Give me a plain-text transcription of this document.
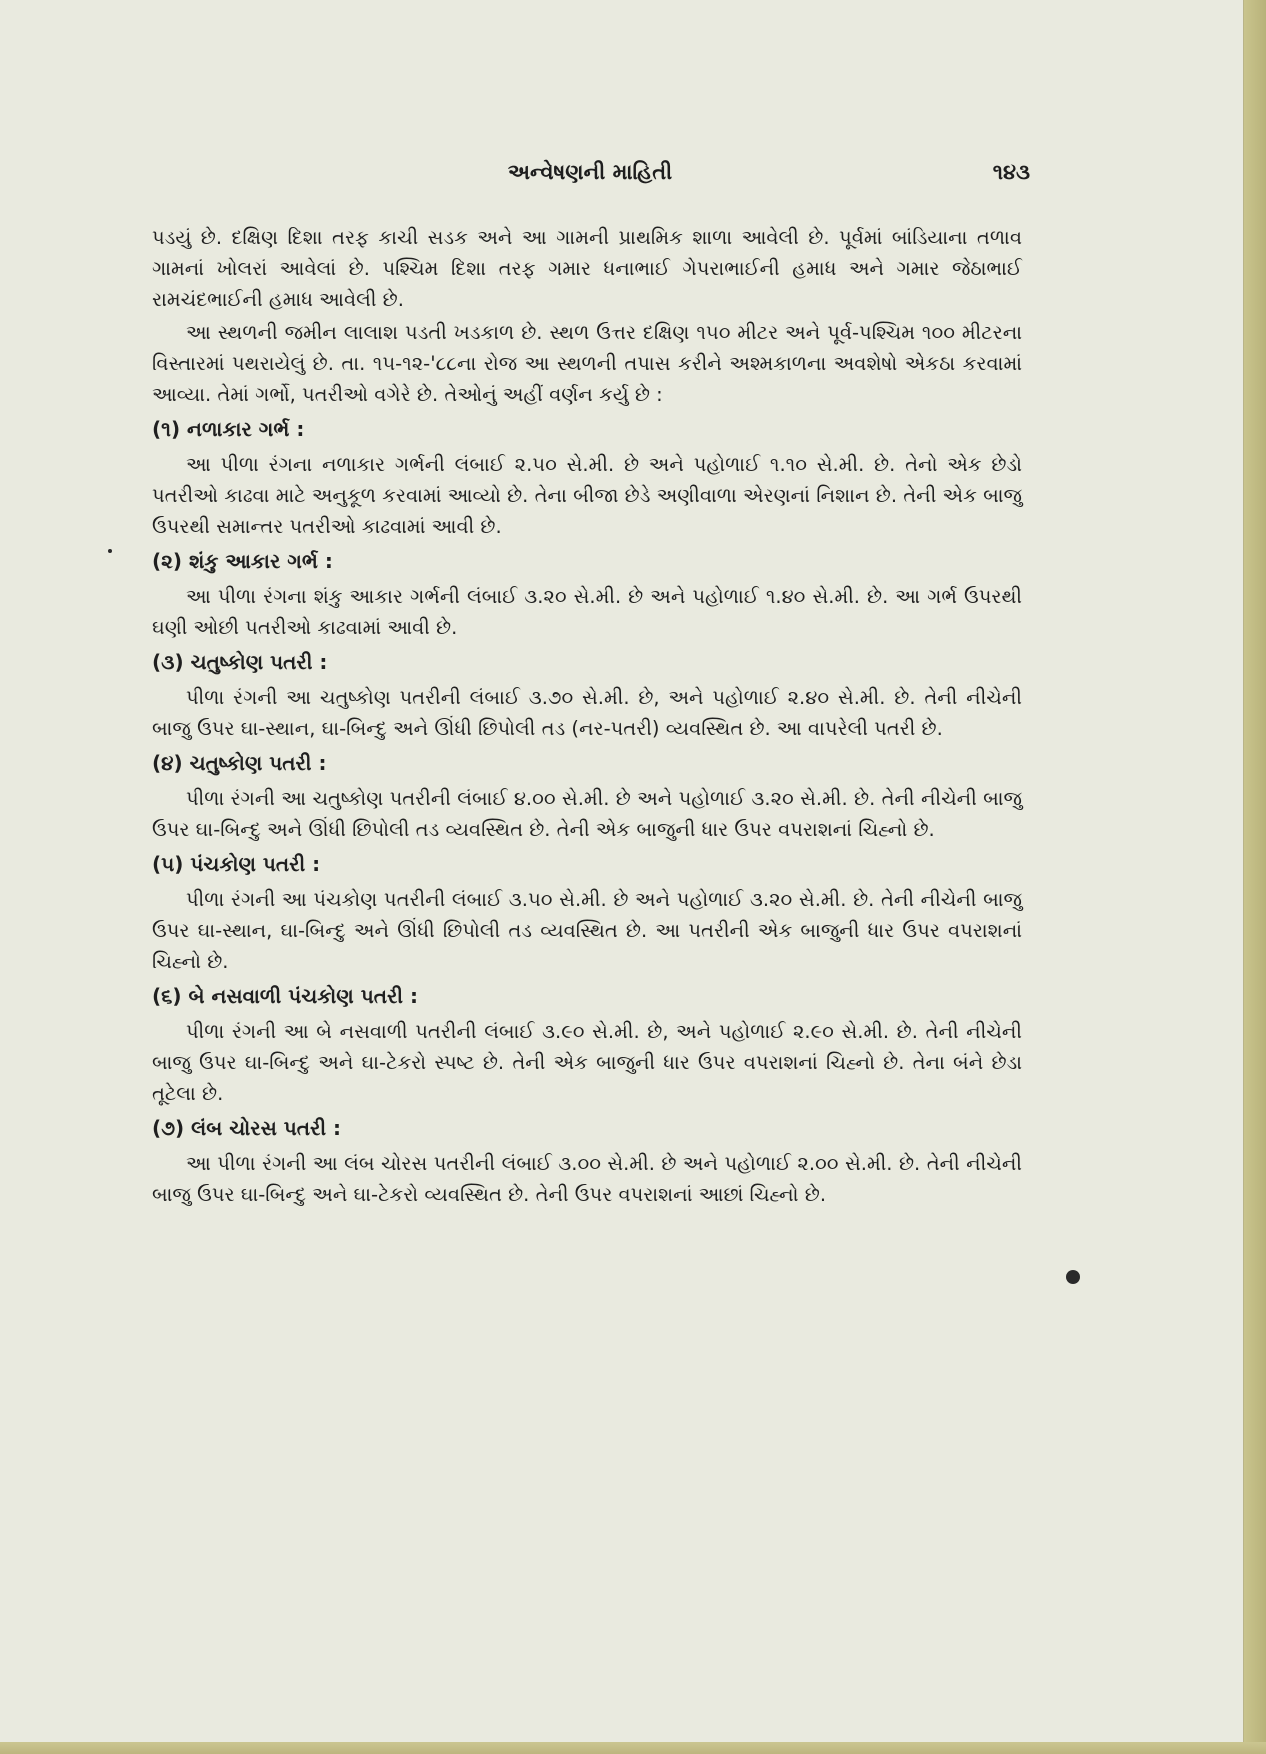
અન્વેષણની માહિતી	૧૪૩

પડયું છે. દક્ષિણ દિશા તરફ કાચી સડક અને આ ગામની પ્રાથમિક શાળા આવેલી છે. પૂર્વમાં બાંડિયાના તળાવ ગામનાં ખોલરાં આવેલાં છે. પશ્ચિમ દિશા તરફ ગમાર ધનાભાઈ ગેપરાભાઈની હમાધ અને ગમાર જેઠાભાઈ રામચંદભાઈની હમાધ આવેલી છે.

આ સ્થળની જમીન લાલાશ પડતી ખડકાળ છે. સ્થળ ઉત્તર દક્ષિણ ૧૫૦ મીટર અને પૂર્વ-પશ્ચિમ ૧૦૦ મીટરના વિસ્તારમાં પથરાયેલું છે. તા. ૧૫-૧૨-'૮૮ના રોજ આ સ્થળની તપાસ કરીને અશ્મકાળના અવશેષો એકઠા કરવામાં આવ્યા. તેમાં ગર્ભો, પતરીઓ વગેરે છે. તેઓનું અહીં વર્ણન કર્યુ છે :

(૧) નળાકાર ગર્ભ :

આ પીળા રંગના નળાકાર ગર્ભની લંબાઈ ૨.૫૦ સે.મી. છે અને પહોળાઈ ૧.૧૦ સે.મી. છે. તેનો એક છેડો પતરીઓ કાઢવા માટે અનુકૂળ કરવામાં આવ્યો છે. તેના બીજા છેડે અણીવાળા એરણનાં નિશાન છે. તેની એક બાજુ ઉપરથી સમાન્તર પતરીઓ કાઢવામાં આવી છે.

(૨) શંકુ આકાર ગર્ભ :

આ પીળા રંગના શંકુ આકાર ગર્ભની લંબાઈ ૩.૨૦ સે.મી. છે અને પહોળાઈ ૧.૪૦ સે.મી. છે. આ ગર્ભ ઉપરથી ઘણી ઓછી પતરીઓ કાઢવામાં આવી છે.

(૩) ચતુષ્કોણ પતરી :

પીળા રંગની આ ચતુષ્કોણ પતરીની લંબાઈ ૩.૭૦ સે.મી. છે, અને પહોળાઈ ૨.૪૦ સે.મી. છે. તેની નીચેની બાજુ ઉપર ઘા-સ્થાન, ઘા-બિન્દુ અને ઊંધી છિપોલી તડ (નર-પતરી) વ્યવસ્થિત છે. આ વાપરેલી પતરી છે.

(૪) ચતુષ્કોણ પતરી :

પીળા રંગની આ ચતુષ્કોણ પતરીની લંબાઈ ૪.૦૦ સે.મી. છે અને પહોળાઈ ૩.૨૦ સે.મી. છે. તેની નીચેની બાજુ ઉપર ઘા-બિન્દુ અને ઊંધી છિપોલી તડ વ્યવસ્થિત છે. તેની એક બાજુની ધાર ઉપર વપરાશનાં ચિહ્નો છે.

(૫) પંચકોણ પતરી :

પીળા રંગની આ પંચકોણ પતરીની લંબાઈ ૩.૫૦ સે.મી. છે અને પહોળાઈ ૩.૨૦ સે.મી. છે. તેની નીચેની બાજુ ઉપર ઘા-સ્થાન, ઘા-બિન્દુ અને ઊંધી છિપોલી તડ વ્યવસ્થિત છે. આ પતરીની એક બાજુની ધાર ઉપર વપરાશનાં ચિહ્નો છે.

(૬) બે નસવાળી પંચકોણ પતરી :

પીળા રંગની આ બે નસવાળી પતરીની લંબાઈ ૩.૯૦ સે.મી. છે, અને પહોળાઈ ૨.૯૦ સે.મી. છે. તેની નીચેની બાજુ ઉપર ઘા-બિન્દુ અને ઘા-ટેકરો સ્પષ્ટ છે. તેની એક બાજુની ધાર ઉપર વપરાશનાં ચિહ્નો છે. તેના બંને છેડા તૂટેલા છે.

(૭) લંબ ચોરસ પતરી :

આ પીળા રંગની આ લંબ ચોરસ પતરીની લંબાઈ ૩.૦૦ સે.મી. છે અને પહોળાઈ ૨.૦૦ સે.મી. છે. તેની નીચેની બાજુ ઉપર ઘા-બિન્દુ અને ઘા-ટેકરો વ્યવસ્થિત છે. તેની ઉપર વપરાશનાં આછાં ચિહ્નો છે.
